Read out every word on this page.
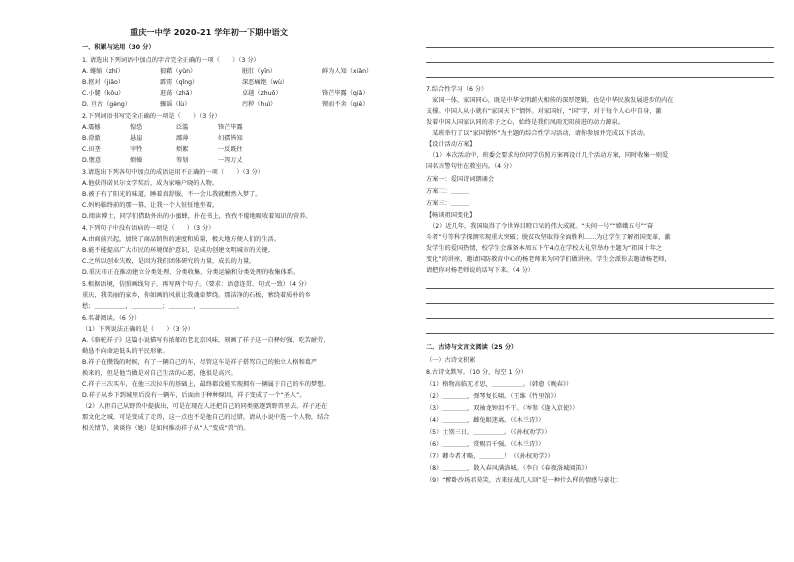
重庆一中学 2020-21 学年初一下期中语文
一、积累与运用（30 分）
1. 请选出下列词语中加点的字音完全正确的一项（　　）（3 分）
A. 蜷缩（zhí）	狼藉（yǔn）	脏肛（yīn）	鲜为人知（xiǎn）
B.抠对（jiǎo）	霹雳（qǐng）	深恶痛绝（wù）
C.小腿（kōu）	逛荡（zhǎ）	卓越（zhuō）	锋芒毕露（qiǎ）
D. 亘古（gèng）	骤谣（lù）	污秽（huì）	锲而不舍（qiè）
2.下列词语书写完全正确的一项是（　　）（3 分）
A.震撼	惶恐	泛滥	锋芒毕露
B.澄澈	悬崖	鄙薄	妇孺皆知
C.田垄	宰牲	烦絮	一反既往
D.惬意	烦燥	筹划	一泻万丈
3.请选出下列各句中加点的成语运用不正确的一项（　　）（3 分）
A.他获得诺贝尔文学奖后，成为家喻户晓的人物。
B.被子有了阳光的味道，睡着真舒服，不一会儿我就酣然入梦了。
C.妈妈临终前的那一幕，让我一个人怔怔地坐着。
D.阅读博士，同学们借助外出的小蜜蜂，扑在书上，孜孜不倦地吸收着知识的营养。
4.下列句子中没有语病的一项是（　　）（3 分）
A.由商前兴起，加快了商品销售的速度和质量，极大地方便人们的生活。
B.能不能提高广大市民的环境保护意识，是成功创建文明城市的关键。
C.之所以创业失败，是因为我们团体研究的力量，成长的力量。
D.重庆市正在推动建立分类处理、分类收集、分类运输和分类处理的收集体系。
5.根据语境，仿照画线句子，再写两个句子。（要求：语意连贯、句式一致）（4 分）
重庆，我美丽的家乡，你如画的风景让我魂牵梦绕。那洁净的石板，萦绕着质朴的乡
愁；＿＿＿＿＿，＿＿＿＿＿；＿＿＿＿，＿＿＿＿＿＿。
6.名著阅读。（6 分）
（1）下列说法正确的是（　　）（3 分）
A.《骆驼祥子》这篇小说描写有浓郁的老北京风味，刻画了祥子这一自释好强、吃苦耐劳、
勤恳不向命运低头的平民形象。
B.祥子在攒钱的时候，有了一辆自己的车，尽管这车是祥子搭驾自己的独立人格和葛严
换来的，但是他当做是对自己生活的心愿，他很是高兴。
C.祥子三次买车，在他三次拉车的基础上，最终都没能实现拥有一辆属于自己的车的梦想。
D.祥子从乡下到城里后没有一辆车，后面由于种种原因，祥子变成了一个“圣人”。
（2）人拒自己从野兽中提拔出，可是在现在人还把自己的同类驱逐到野兽里去。祥子还在
那文化之城，可是变成了走兽，这一点也不是他自己的过错。请从小说中选一个人物，结合
相关情节，谈谈你（她）是如何推动祥子从“人”变成“兽”的。
7.综合性学习（6 分）
　家国一体，家国同心，既是中华文明薪火相传的深厚逻辑，也是中华民族发展进步的内在
支撑。中国人从小就有“家国天下”情怀。对家国好，“国”字，对于每个人心中自身，激
发着中国人国家认同的赤子之心，始终是我们凤雨无阻前进的动力源泉。
　某班举行了以“家国情怀”为主题的综合性学习活动，请你参加并完成以下活动。
【设计活动方案】
　（1）本次活动中，班委会要求每位同学仿照方案再设计几个活动方案，同时收集一则爱
国名言警句往在教室内。（4 分）
方案一：爱国诗词朗诵会
方案二：＿＿＿
方案三：＿＿＿
【畅谈祖国变化】
　（2）近几年，我国取得了令世界目瞪口呆的伟大成就。“天问一号”“嫦娥五号”“奋
斗者”号等科学探测实现重大突破；脱贫攻坚取得全面胜利……为让学生了解祖国变革，激
发学生的爱国热情，校学生会准备本周五下午4点在学校大礼堂举办主题为“祖国十年之
变化”的讲座，邀请国防教育中心的杨老师来为同学们做讲座。学生会派你去邀请杨老师，
请把你对杨老师说的话写下来。（4 分）
二、古诗与文言文阅读（25 分）
（一）古诗文积累
8.古诗文默写。（10 分，每空 1 分）
（1）格物高临无才思，＿＿＿＿＿。（韩愈《晚春》）
（2）＿＿＿＿，弹琴复长啸。（王维《竹里馆》）
（3）＿＿＿＿，双袖龙钟泪不干。（岑参《逢入京使》）
（4）＿＿＿＿，雌兔眼迷离。（《木兰诗》）
（5）士别三日，＿＿＿＿＿。（《孙权劝学》）
（6）＿＿＿＿，赏赐百千强。（《木兰诗》）
（7）卿今者才略，＿＿＿＿！（《孙权劝学》）
（8）＿＿＿＿，散入春风满洛城。（李白《春夜洛城闻笛》）
（9）“醉卧沙场君莫笑，古来征战几人回”是一种什么样的情感与豪壮：
